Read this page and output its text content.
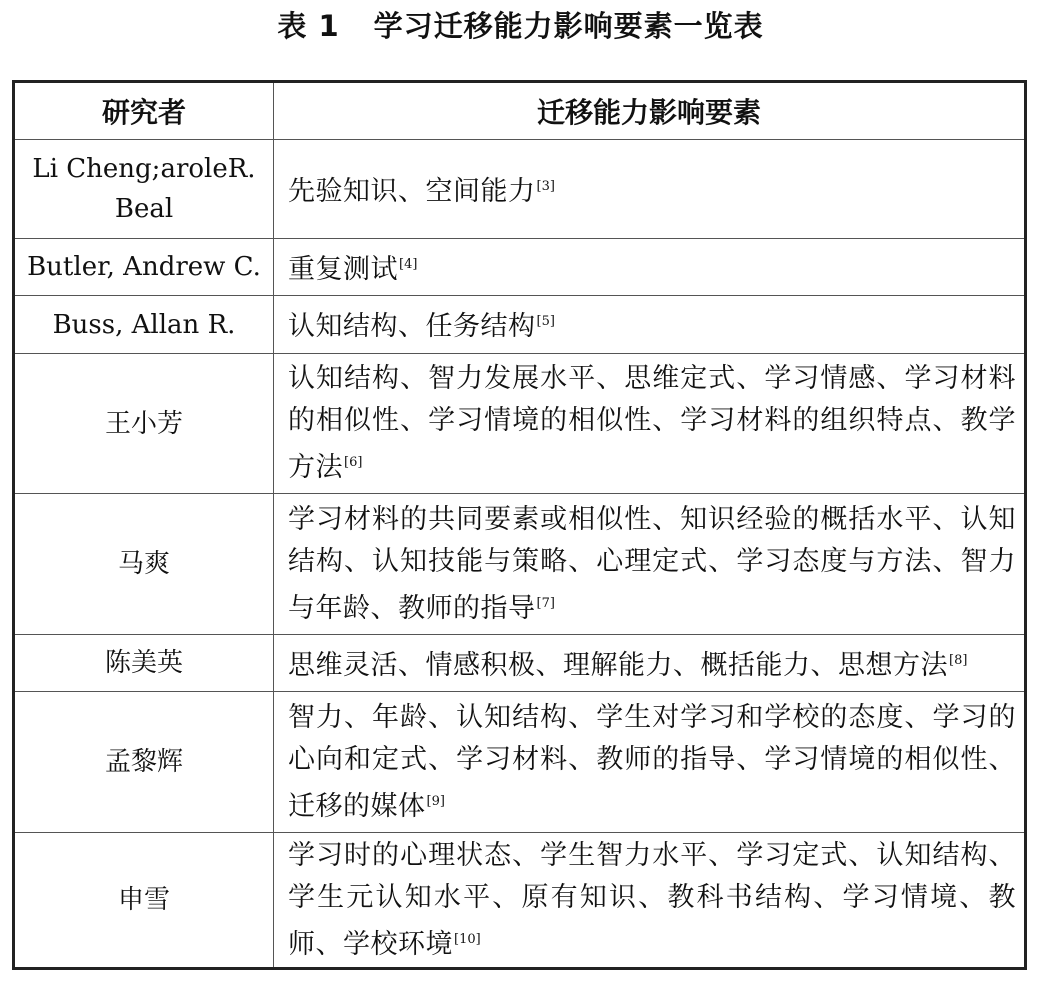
表 1 学习迁移能力影响要素一览表
研究者	迁移能力影响要素
Li Cheng;aroleR. Beal	先验知识、空间能力[3]
Butler, Andrew C.	重复测试[4]
Buss, Allan R.	认知结构、任务结构[5]
王小芳	认知结构、智力发展水平、思维定式、学习情感、学习材料的相似性、学习情境的相似性、学习材料的组织特点、教学方法[6]
马爽	学习材料的共同要素或相似性、知识经验的概括水平、认知结构、认知技能与策略、心理定式、学习态度与方法、智力与年龄、教师的指导[7]
陈美英	思维灵活、情感积极、理解能力、概括能力、思想方法[8]
孟黎辉	智力、年龄、认知结构、学生对学习和学校的态度、学习的心向和定式、学习材料、教师的指导、学习情境的相似性、迁移的媒体[9]
申雪	学习时的心理状态、学生智力水平、学习定式、认知结构、学生元认知水平、原有知识、教科书结构、学习情境、教师、学校环境[10]
